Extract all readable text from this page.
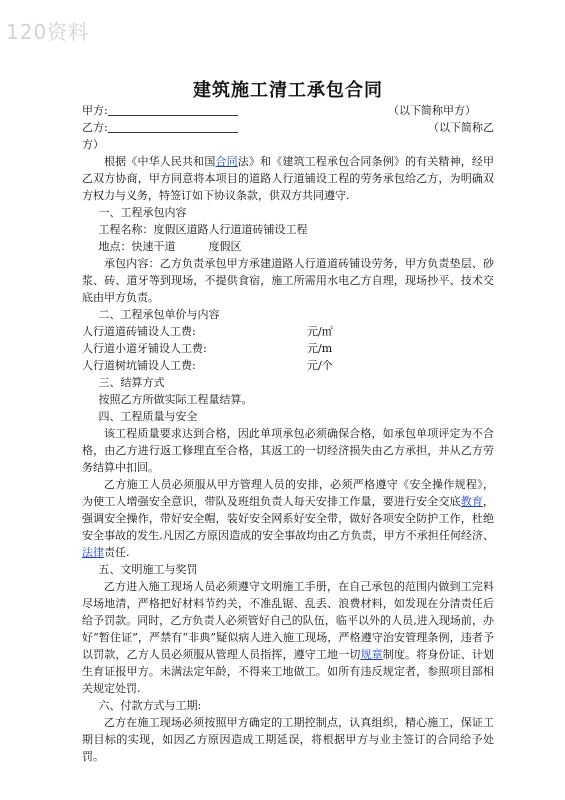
120资料
建筑施工清工承包合同
甲方:	（以下简称甲方）
乙方:	（以下简称乙
方）

根据《中华人民共和国合同法》和《建筑工程承包合同条例》的有关精神，经甲乙双方协商，甲方同意将本项目的道路人行道铺设工程的劳务承包给乙方，为明确双方权力与义务，特签订如下协议条款，供双方共同遵守.

一、工程承包内容

工程名称：度假区道路人行道道砖铺设工程

地点：快速干道　　　度假区

承包内容：乙方负责承包甲方承建道路人行道道砖铺设劳务，甲方负责垫层、砂浆、砖、道牙等到现场，不提供食宿，施工所需用水电乙方自理，现场抄平、技术交底由甲方负责。

二、工程承包单价与内容
人行道道砖铺设人工费:	元/㎡
人行道小道牙铺设人工费:	元/m
人行道树坑铺设人工费:	元/个
三、结算方式

按照乙方所做实际工程量结算。

四、工程质量与安全

该工程质量要求达到合格，因此单项承包必须确保合格，如承包单项评定为不合格，由乙方进行返工修理直至合格，其返工的一切经济损失由乙方承担，并从乙方劳务结算中扣回。

乙方施工人员必须服从甲方管理人员的安排，必须严格遵守《安全操作规程》，为使工人增强安全意识，带队及班组负责人每天安排工作量，要进行安全交底教育，强调安全操作，带好安全帽，装好安全网系好安全带，做好各项安全防护工作，杜绝安全事故的发生.凡因乙方原因造成的安全事故均由乙方负责，甲方不承担任何经济、法律责任.

五、文明施工与奖罚

乙方进入施工现场人员必须遵守文明施工手册，在自己承包的范围内做到工完料尽场地清，严格把好材料节约关，不准乱锯、乱丢、浪费材料，如发现在分清责任后给予罚款。同时，乙方负责人必须管好自己的队伍，临平以外的人员,进入现场前，办好“暂住证”，严禁有“非典”疑似病人进入施工现场，严格遵守治安管理条例，违者予以罚款，乙方人员必须服从管理人员指挥，遵守工地一切规章制度。将身份证、计划生育证报甲方。未满法定年龄，不得来工地做工。如所有违反规定者，参照项目部相关规定处罚.

六、付款方式与工期:

乙方在施工现场必须按照甲方确定的工期控制点，认真组织，精心施工，保证工期目标的实现，如因乙方原因造成工期延误，将根据甲方与业主签订的合同给予处罚。
